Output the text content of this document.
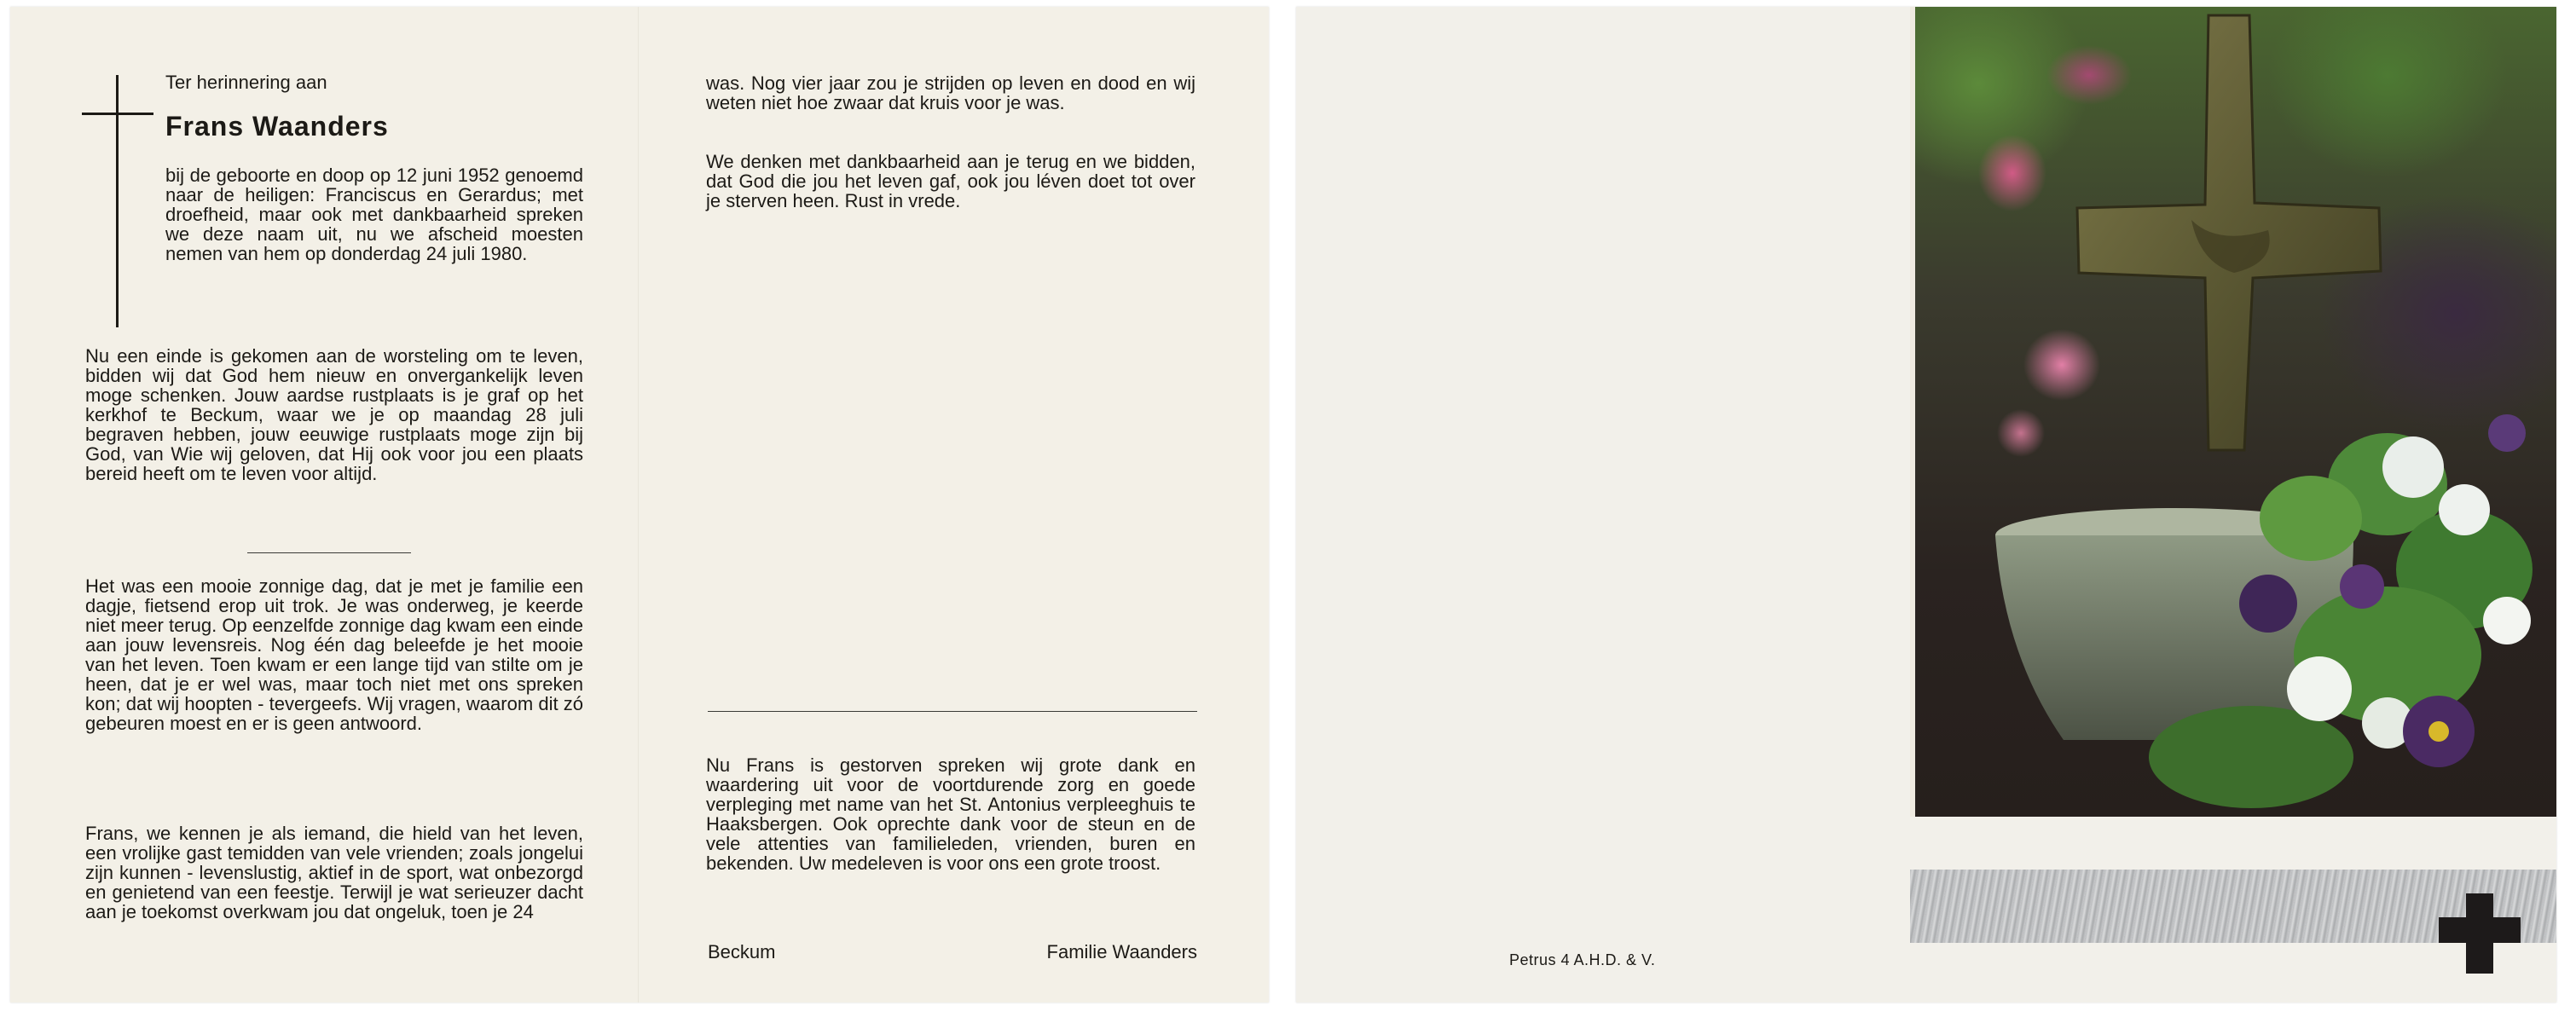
Ter herinnering aan
Frans Waanders

bij de geboorte en doop op 12 juni 1952 genoemd naar de heiligen: Franciscus en Gerardus; met droefheid, maar ook met dankbaarheid spreken we deze naam uit, nu we afscheid moesten nemen van hem op donderdag 24 juli 1980.

Nu een einde is gekomen aan de worsteling om te leven, bidden wij dat God hem nieuw en onvergankelijk leven moge schenken. Jouw aardse rustplaats is je graf op het kerkhof te Beckum, waar we je op maandag 28 juli begraven hebben, jouw eeuwige rustplaats moge zijn bij God, van Wie wij geloven, dat Hij ook voor jou een plaats bereid heeft om te leven voor altijd.

Het was een mooie zonnige dag, dat je met je familie een dagje, fietsend erop uit trok. Je was onderweg, je keerde niet meer terug. Op eenzelfde zonnige dag kwam een einde aan jouw levensreis. Nog één dag beleefde je het mooie van het leven. Toen kwam er een lange tijd van stilte om je heen, dat je er wel was, maar toch niet met ons spreken kon; dat wij hoopten - tevergeefs. Wij vragen, waarom dit zó gebeuren moest en er is geen antwoord.

Frans, we kennen je als iemand, die hield van het leven, een vrolijke gast temidden van vele vrienden; zoals jongelui zijn kunnen - levenslustig, aktief in de sport, wat onbezorgd en genietend van een feestje. Terwijl je wat serieuzer dacht aan je toekomst overkwam jou dat ongeluk, toen je 24

was. Nog vier jaar zou je strijden op leven en dood en wij weten niet hoe zwaar dat kruis voor je was.

We denken met dankbaarheid aan je terug en we bidden, dat God die jou het leven gaf, ook jou léven doet tot over je sterven heen. Rust in vrede.

Nu Frans is gestorven spreken wij grote dank en waardering uit voor de voortdurende zorg en goede verpleging met name van het St. Antonius verpleeghuis te Haaksbergen. Ook oprechte dank voor de steun en de vele attenties van familieleden, vrienden, buren en bekenden. Uw medeleven is voor ons een grote troost.

Beckum	Familie Waanders	Petrus 4 A.H.D. & V.
